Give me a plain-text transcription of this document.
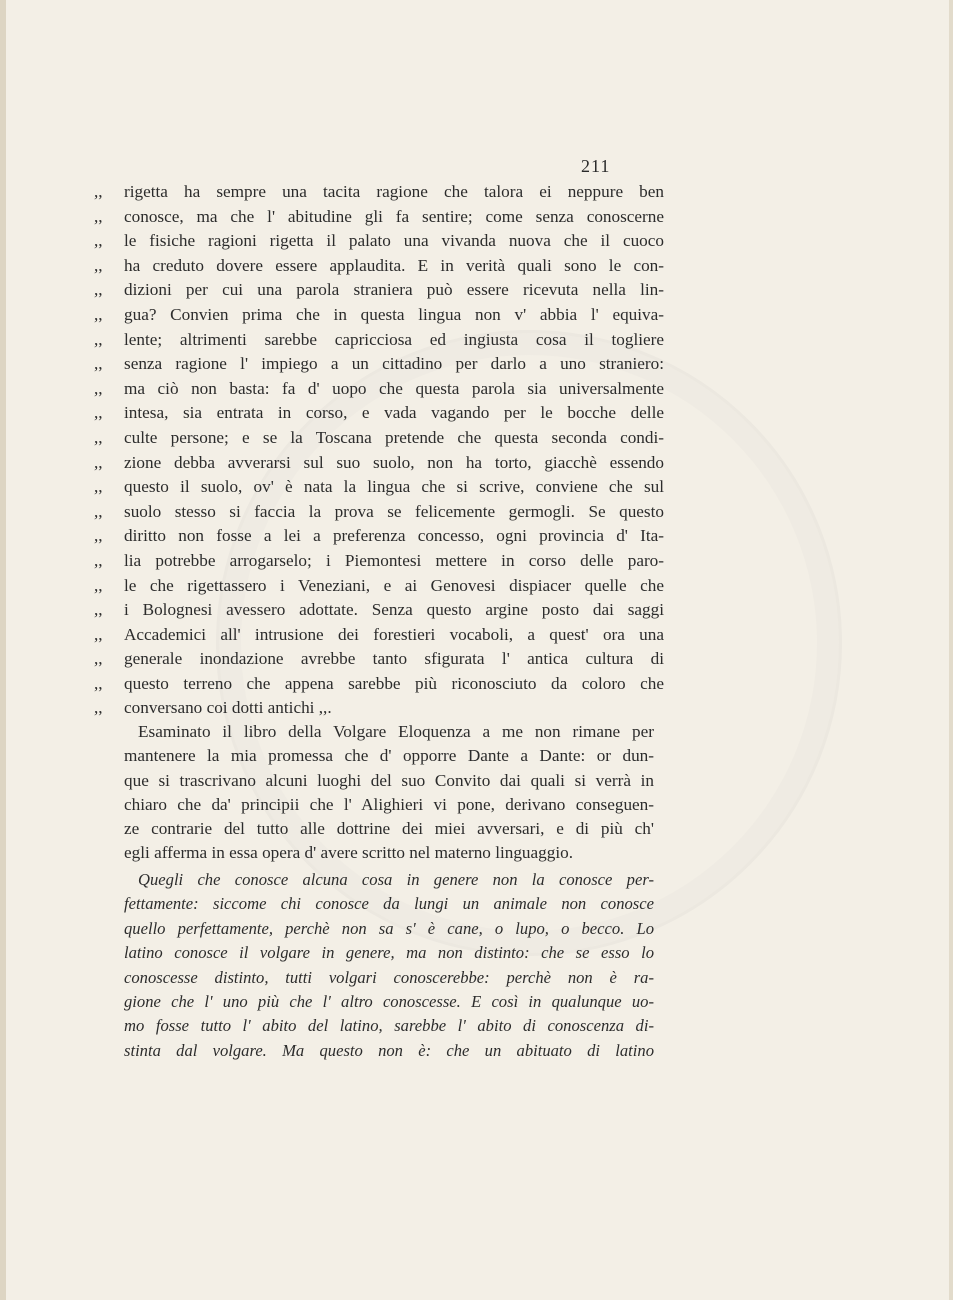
211
,,	rigetta ha sempre una tacita ragione che talora ei neppure ben
,,	conosce, ma che l' abitudine gli fa sentire; come senza conoscerne
,,	le fisiche ragioni rigetta il palato una vivanda nuova che il cuoco
,,	ha creduto dovere essere applaudita. E in verità quali sono le con-
,,	dizioni per cui una parola straniera può essere ricevuta nella lin-
,,	gua? Convien prima che in questa lingua non v' abbia l' equiva-
,,	lente; altrimenti sarebbe capricciosa ed ingiusta cosa il togliere
,,	senza ragione l' impiego a un cittadino per darlo a uno straniero:
,,	ma ciò non basta: fa d' uopo che questa parola sia universalmente
,,	intesa, sia entrata in corso, e vada vagando per le bocche delle
,,	culte persone; e se la Toscana pretende che questa seconda condi-
,,	zione debba avverarsi sul suo suolo, non ha torto, giacchè essendo
,,	questo il suolo, ov' è nata la lingua che si scrive, conviene che sul
,,	suolo stesso si faccia la prova se felicemente germogli. Se questo
,,	diritto non fosse a lei a preferenza concesso, ogni provincia d' Ita-
,,	lia potrebbe arrogarselo; i Piemontesi mettere in corso delle paro-
,,	le che rigettassero i Veneziani, e ai Genovesi dispiacer quelle che
,,	i Bolognesi avessero adottate. Senza questo argine posto dai saggi
,,	Accademici all' intrusione dei forestieri vocaboli, a quest' ora una
,,	generale inondazione avrebbe tanto sfigurata l' antica cultura di
,,	questo terreno che appena sarebbe più riconosciuto da coloro che
,,	conversano coi dotti antichi ,,.
Esaminato il libro della Volgare Eloquenza a me non rimane per
mantenere la mia promessa che d' opporre Dante a Dante: or dun-
que si trascrivano alcuni luoghi del suo Convito dai quali si verrà in
chiaro che da' principii che l' Alighieri vi pone, derivano conseguen-
ze contrarie del tutto alle dottrine dei miei avversari, e di più ch'
egli afferma in essa opera d' avere scritto nel materno linguaggio.
Quegli che conosce alcuna cosa in genere non la conosce per-
fettamente: siccome chi conosce da lungi un animale non conosce
quello perfettamente, perchè non sa s' è cane, o lupo, o becco. Lo
latino conosce il volgare in genere, ma non distinto: che se esso lo
conoscesse distinto, tutti volgari conoscerebbe: perchè non è ra-
gione che l' uno più che l' altro conoscesse. E così in qualunque uo-
mo fosse tutto l' abito del latino, sarebbe l' abito di conoscenza di-
stinta dal volgare. Ma questo non è: che un abituato di latino
